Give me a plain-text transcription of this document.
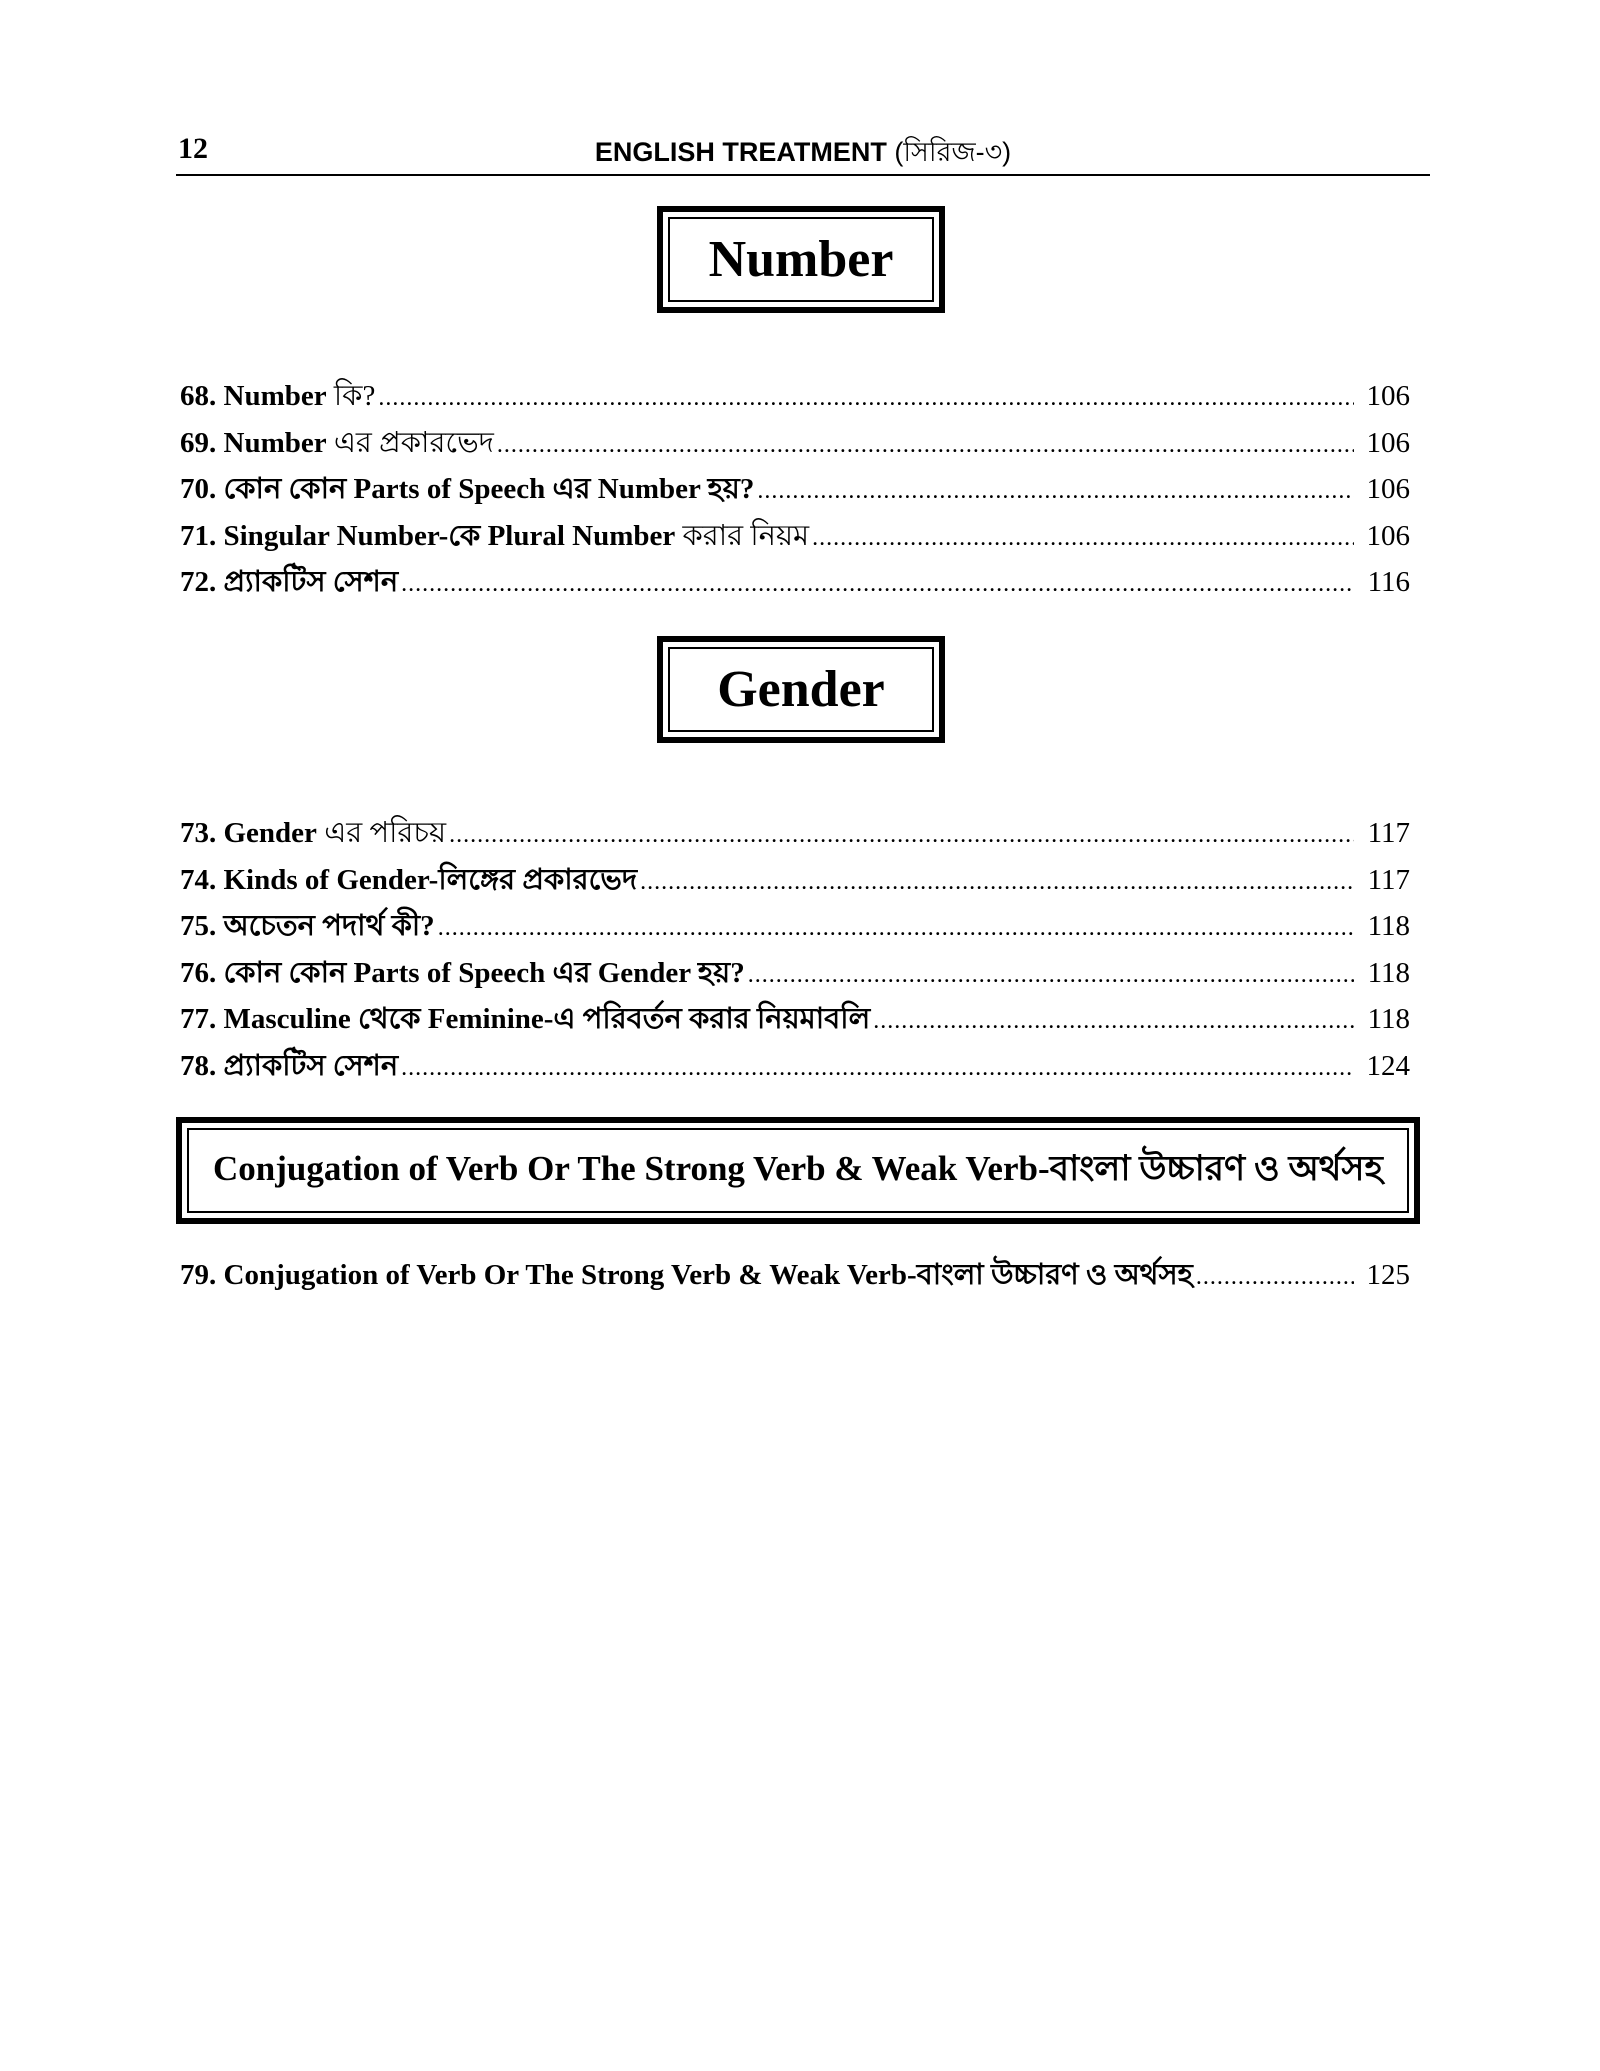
12	ENGLISH TREATMENT (সিরিজ-৩)
Number
68. Number কি? .....	106
69. Number এর প্রকারভেদ .....	106
70. কোন কোন Parts of Speech এর Number হয়? .....	106
71. Singular Number-কে Plural Number করার নিয়ম .....	106
72. প্র্যাকটিস সেশন .....	116
Gender
73. Gender এর পরিচয় .....	117
74. Kinds of Gender-লিঙ্গের প্রকারভেদ .....	117
75. অচেতন পদার্থ কী? .....	118
76. কোন কোন Parts of Speech এর Gender হয়? .....	118
77. Masculine থেকে Feminine-এ পরিবর্তন করার নিয়মাবলি .....	118
78. প্র্যাকটিস সেশন .....	124
Conjugation of Verb Or The Strong Verb & Weak Verb-বাংলা উচ্চারণ ও অর্থসহ
79. Conjugation of Verb Or The Strong Verb & Weak Verb-বাংলা উচ্চারণ ও অর্থসহ .....	125
